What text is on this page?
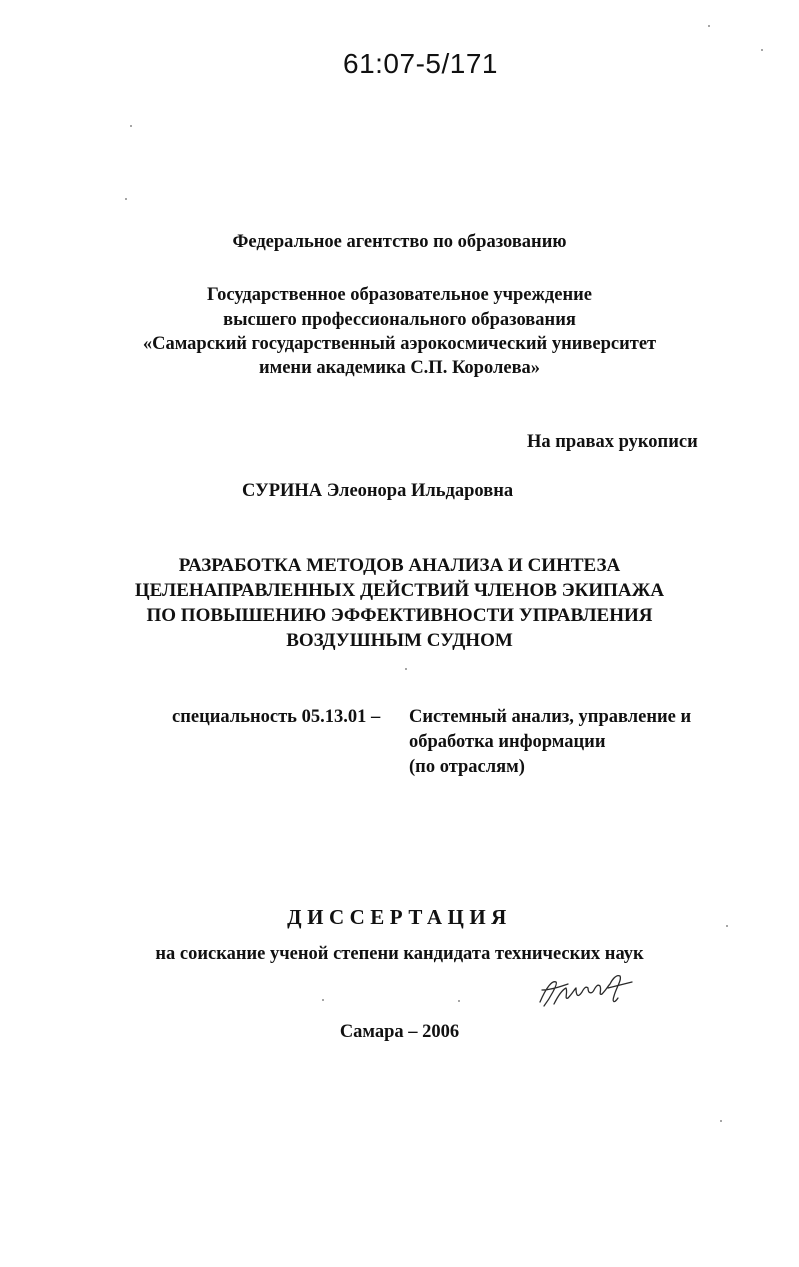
61:07-5/171
Федеральное агентство по образованию
Государственное образовательное учреждение
высшего профессионального образования
«Самарский государственный аэрокосмический университет
имени академика С.П. Королева»
На правах рукописи
СУРИНА Элеонора Ильдаровна
РАЗРАБОТКА МЕТОДОВ АНАЛИЗА И СИНТЕЗА
ЦЕЛЕНАПРАВЛЕННЫХ ДЕЙСТВИЙ ЧЛЕНОВ ЭКИПАЖА
ПО ПОВЫШЕНИЮ ЭФФЕКТИВНОСТИ УПРАВЛЕНИЯ
ВОЗДУШНЫМ СУДНОМ
специальность 05.13.01 – Системный анализ, управление и
обработка информации
(по отраслям)
ДИССЕРТАЦИЯ
на соискание ученой степени кандидата технических наук
Самара – 2006
